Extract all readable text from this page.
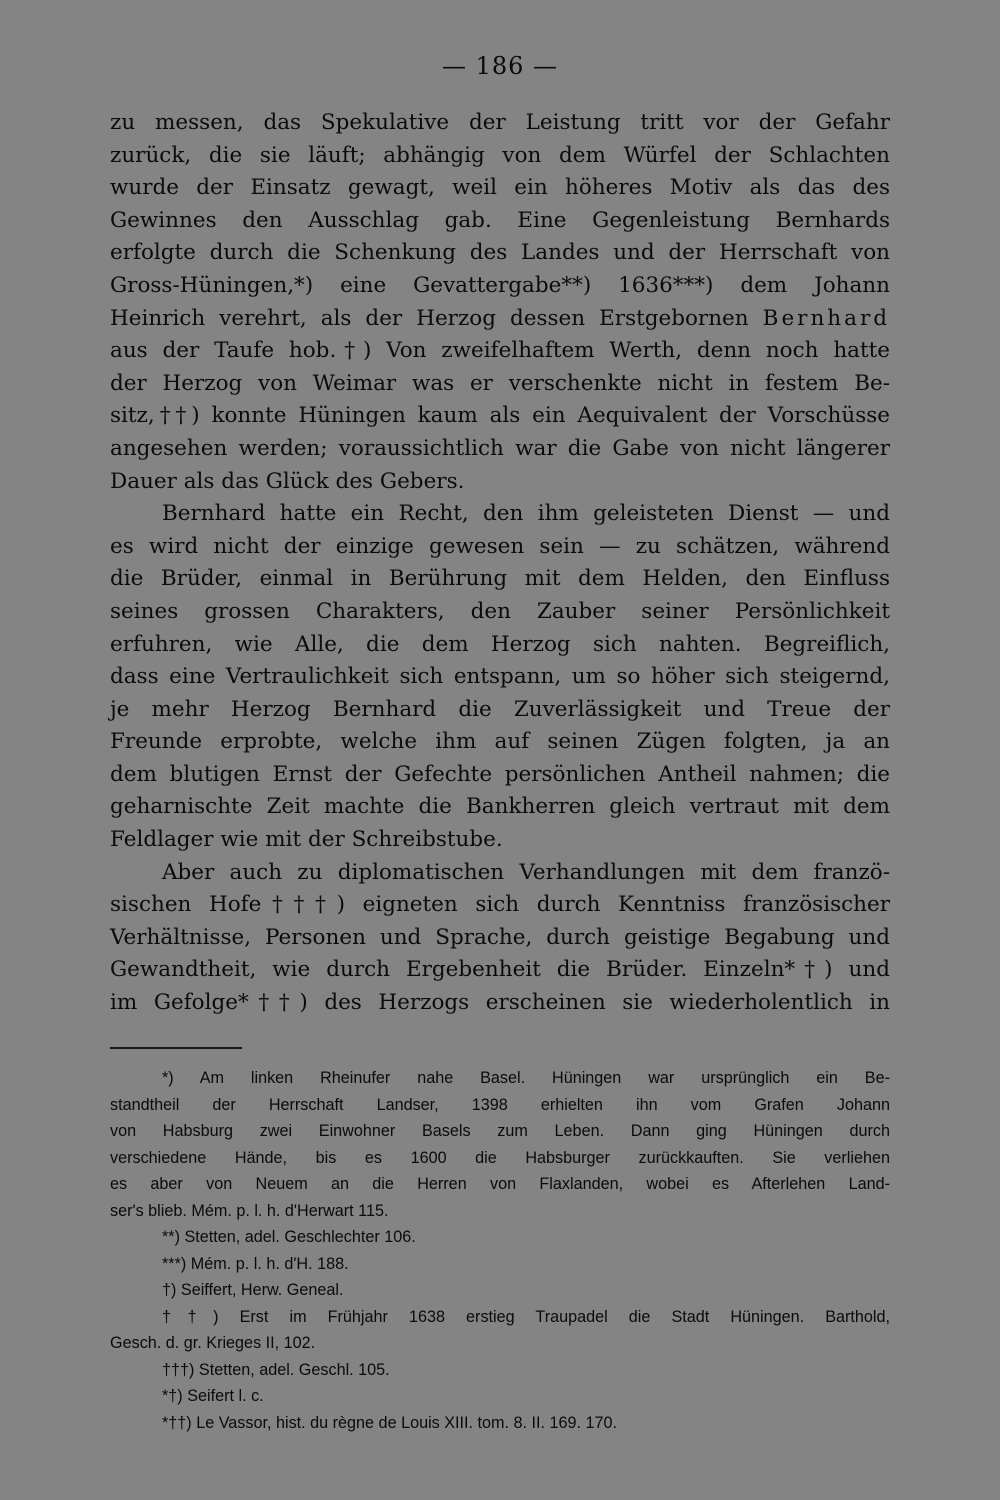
— 186 —
zu messen, das Spekulative der Leistung tritt vor der Gefahr
zurück, die sie läuft; abhängig von dem Würfel der Schlachten
wurde der Einsatz gewagt, weil ein höheres Motiv als das des
Gewinnes den Ausschlag gab. Eine Gegenleistung Bernhards
erfolgte durch die Schenkung des Landes und der Herrschaft von
Gross-Hüningen,*) eine Gevattergabe**) 1636***) dem Johann
Heinrich verehrt, als der Herzog dessen Erstgebornen Bernhard
aus der Taufe hob.†) Von zweifelhaftem Werth, denn noch hatte
der Herzog von Weimar was er verschenkte nicht in festem Be-
sitz,††) konnte Hüningen kaum als ein Aequivalent der Vorschüsse
angesehen werden; voraussichtlich war die Gabe von nicht längerer
Dauer als das Glück des Gebers.
Bernhard hatte ein Recht, den ihm geleisteten Dienst — und
es wird nicht der einzige gewesen sein — zu schätzen, während
die Brüder, einmal in Berührung mit dem Helden, den Einfluss
seines grossen Charakters, den Zauber seiner Persönlichkeit
erfuhren, wie Alle, die dem Herzog sich nahten. Begreiflich,
dass eine Vertraulichkeit sich entspann, um so höher sich steigernd,
je mehr Herzog Bernhard die Zuverlässigkeit und Treue der
Freunde erprobte, welche ihm auf seinen Zügen folgten, ja an
dem blutigen Ernst der Gefechte persönlichen Antheil nahmen; die
geharnischte Zeit machte die Bankherren gleich vertraut mit dem
Feldlager wie mit der Schreibstube.
Aber auch zu diplomatischen Verhandlungen mit dem franzö-
sischen Hofe†††) eigneten sich durch Kenntniss französischer
Verhältnisse, Personen und Sprache, durch geistige Begabung und
Gewandtheit, wie durch Ergebenheit die Brüder. Einzeln*†) und
im Gefolge*††) des Herzogs erscheinen sie wiederholentlich in
*) Am linken Rheinufer nahe Basel. Hüningen war ursprünglich ein Be-
standtheil der Herrschaft Landser, 1398 erhielten ihn vom Grafen Johann
von Habsburg zwei Einwohner Basels zum Leben. Dann ging Hüningen durch
verschiedene Hände, bis es 1600 die Habsburger zurückkauften. Sie verliehen
es aber von Neuem an die Herren von Flaxlanden, wobei es Afterlehen Land-
ser's blieb. Mém. p. l. h. d'Herwart 115.
**) Stetten, adel. Geschlechter 106.
***) Mém. p. l. h. d'H. 188.
†) Seiffert, Herw. Geneal.
††) Erst im Frühjahr 1638 erstieg Traupadel die Stadt Hüningen. Barthold,
Gesch. d. gr. Krieges II, 102.
†††) Stetten, adel. Geschl. 105.
*†) Seifert l. c.
*††) Le Vassor, hist. du règne de Louis XIII. tom. 8. II. 169. 170.
